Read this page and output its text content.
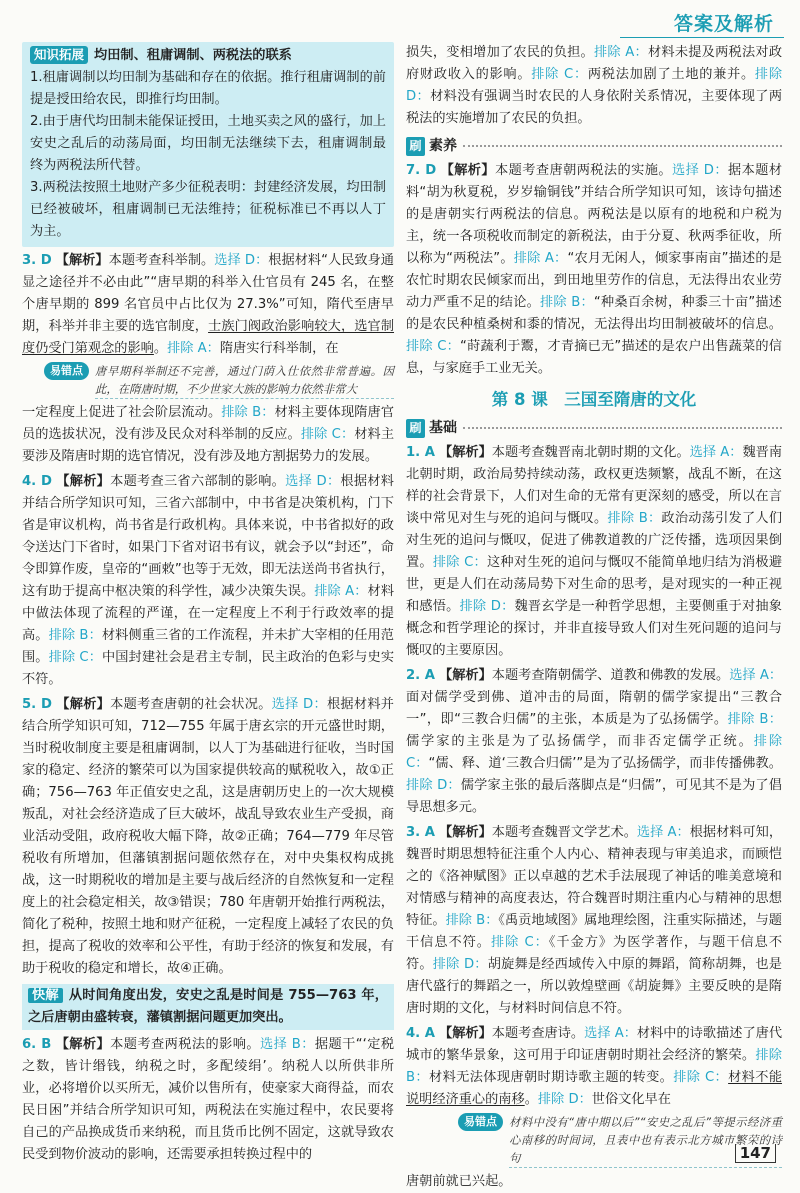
答案及解析
知识拓展 均田制、租庸调制、两税法的联系
1.租庸调制以均田制为基础和存在的依据。推行租庸调制的前提是授田给农民，即推行均田制。
2.由于唐代均田制未能保证授田，土地买卖之风的盛行，加上安史之乱后的动荡局面，均田制无法继续下去，租庸调制最终为两税法所代替。
3.两税法按照土地财产多少征税表明：封建经济发展，均田制已经被破坏，租庸调制已无法维持；征税标准已不再以人丁为主。
3. D 【解析】本题考查科举制。选择 D：根据材料“人民致身通显之途径并不必由此”“唐早期的科举入仕官员有 245 名，在整个唐早期的 899 名官员中占比仅为 27.3%”可知，隋代至唐早期，科举并非主要的选官制度，士族门阀政治影响较大，选官制度仍受门第观念的影响。排除 A：隋唐实行科举制，在
易错点	唐早期科举制还不完善，通过门荫入仕依然非常普遍。因此，在隋唐时期，不少世家大族的影响力依然非常大
一定程度上促进了社会阶层流动。排除 B：材料主要体现隋唐官员的选拔状况，没有涉及民众对科举制的反应。排除 C：材料主要涉及隋唐时期的选官情况，没有涉及地方割据势力的发展。
4. D 【解析】本题考查三省六部制的影响。选择 D：根据材料并结合所学知识可知，三省六部制中，中书省是决策机构，门下省是审议机构，尚书省是行政机构。具体来说，中书省拟好的政令送达门下省时，如果门下省对诏书有议，就会予以“封还”，命令即算作废，皇帝的“画敕”也等于无效，即无法送尚书省执行，这有助于提高中枢决策的科学性，减少决策失误。排除 A：材料中做法体现了流程的严谨，在一定程度上不利于行政效率的提高。排除 B：材料侧重三省的工作流程，并未扩大宰相的任用范围。排除 C：中国封建社会是君主专制，民主政治的色彩与史实不符。
5. D 【解析】本题考查唐朝的社会状况。选择 D：根据材料并结合所学知识可知，712—755 年属于唐玄宗的开元盛世时期，当时税收制度主要是租庸调制，以人丁为基础进行征收，当时国家的稳定、经济的繁荣可以为国家提供较高的赋税收入，故①正确；756—763 年正值安史之乱，这是唐朝历史上的一次大规模叛乱，对社会经济造成了巨大破坏，战乱导致农业生产受损，商业活动受阻，政府税收大幅下降，故②正确；764—779 年尽管税收有所增加，但藩镇割据问题依然存在，对中央集权构成挑战，这一时期税收的增加是主要与战后经济的自然恢复和一定程度上的社会稳定相关，故③错误；780 年唐朝开始推行两税法，简化了税种，按照土地和财产征税，一定程度上减轻了农民的负担，提高了税收的效率和公平性，有助于经济的恢复和发展，有助于税收的稳定和增长，故④正确。
快解 从时间角度出发，安史之乱是时间是 755—763 年，之后唐朝由盛转衰，藩镇割据问题更加突出。
6. B 【解析】本题考查两税法的影响。选择 B：据题干“‘定税之数，皆计缗钱，纳税之时，多配绫绢’。纳税人以所供非所业，必将增价以买所无，减价以售所有，使豪家大商得益，而农民日困”并结合所学知识可知，两税法在实施过程中，农民要将自己的产品换成货币来纳税，而且货币比例不固定，这就导致农民受到物价波动的影响，还需要承担转换过程中的
损失，变相增加了农民的负担。排除 A：材料未提及两税法对政府财政收入的影响。排除 C：两税法加剧了土地的兼并。排除 D：材料没有强调当时农民的人身依附关系情况，主要体现了两税法的实施增加了农民的负担。
刷 素养
7. D 【解析】本题考查唐朝两税法的实施。选择 D：据本题材料“胡为秋夏税，岁岁输铜钱”并结合所学知识可知，该诗句描述的是唐朝实行两税法的信息。两税法是以原有的地税和户税为主，统一各项税收而制定的新税法，由于分夏、秋两季征收，所以称为“两税法”。排除 A：“农月无闲人，倾家事南亩”描述的是农忙时期农民倾家而出，到田地里劳作的信息，无法得出农业劳动力严重不足的结论。排除 B：“种桑百余树，种黍三十亩”描述的是农民种植桑树和黍的情况，无法得出均田制被破坏的信息。排除 C：“莳蔬利于鬻，才青摘已无”描述的是农户出售蔬菜的信息，与家庭手工业无关。
第 8 课　三国至隋唐的文化
刷 基础
1. A 【解析】本题考查魏晋南北朝时期的文化。选择 A：魏晋南北朝时期，政治局势持续动荡，政权更迭频繁，战乱不断，在这样的社会背景下，人们对生命的无常有更深刻的感受，所以在言谈中常见对生与死的追问与慨叹。排除 B：政治动荡引发了人们对生死的追问与慨叹，促进了佛教道教的广泛传播，选项因果倒置。排除 C：这种对生死的追问与慨叹不能简单地归结为消极避世，更是人们在动荡局势下对生命的思考，是对现实的一种正视和感悟。排除 D：魏晋玄学是一种哲学思想，主要侧重于对抽象概念和哲学理论的探讨，并非直接导致人们对生死问题的追问与慨叹的主要原因。
2. A 【解析】本题考查隋朝儒学、道教和佛教的发展。选择 A：面对儒学受到佛、道冲击的局面，隋朝的儒学家提出“三教合一”，即“三教合归儒”的主张，本质是为了弘扬儒学。排除 B：儒学家的主张是为了弘扬儒学，而非否定儒学正统。排除 C：“儒、释、道‘三教合归儒’”是为了弘扬儒学，而非传播佛教。排除 D：儒学家主张的最后落脚点是“归儒”，可见其不是为了倡导思想多元。
3. A 【解析】本题考查魏晋文学艺术。选择 A：根据材料可知，魏晋时期思想特征注重个人内心、精神表现与审美追求，而顾恺之的《洛神赋图》正以卓越的艺术手法展现了神话的唯美意境和对情感与精神的高度表达，符合魏晋时期注重内心与精神的思想特征。排除 B：《禹贡地域图》属地理绘图，注重实际描述，与题干信息不符。排除 C：《千金方》为医学著作，与题干信息不符。排除 D：胡旋舞是经西域传入中原的舞蹈，简称胡舞，也是唐代盛行的舞蹈之一，所以敦煌壁画《胡旋舞》主要反映的是隋唐时期的文化，与材料时间信息不符。
4. A 【解析】本题考查唐诗。选择 A：材料中的诗歌描述了唐代城市的繁华景象，这可用于印证唐朝时期社会经济的繁荣。排除 B：材料无法体现唐朝时期诗歌主题的转变。排除 C：材料不能说明经济重心的南移。排除 D：世俗文化早在
易错点	材料中没有“唐中期以后”“安史之乱后”等提示经济重心南移的时间词，且表中也有表示北方城市繁荣的诗句
唐朝前就已兴起。
147
